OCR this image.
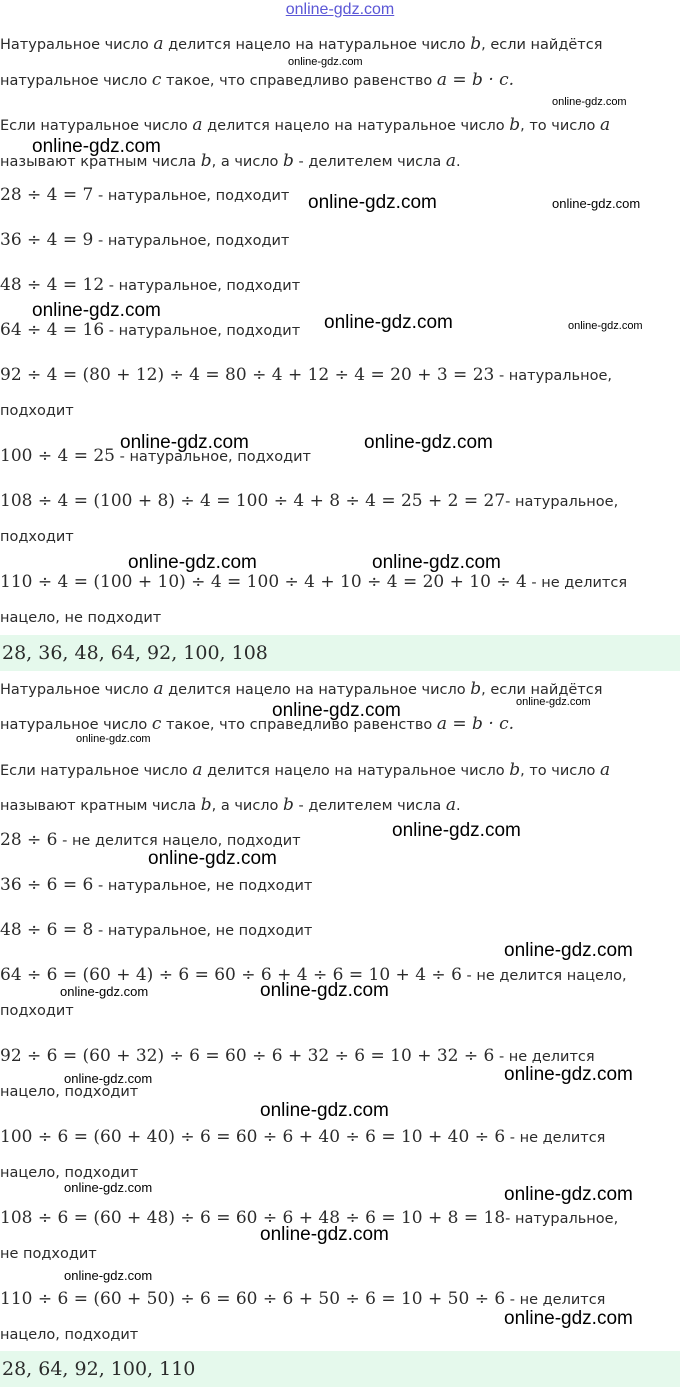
online-gdz.com
Натуральное число a делится нацело на натуральное число b, если найдётся
натуральное число c такое, что справедливо равенство a = b · c.
Если натуральное число a делится нацело на натуральное число b, то число a
называют кратным числа b, а число b - делителем числа a.
28 ÷ 4 = 7 - натуральное, подходит
36 ÷ 4 = 9 - натуральное, подходит
48 ÷ 4 = 12 - натуральное, подходит
64 ÷ 4 = 16 - натуральное, подходит
92 ÷ 4 = (80 + 12) ÷ 4 = 80 ÷ 4 + 12 ÷ 4 = 20 + 3 = 23 - натуральное,
подходит
100 ÷ 4 = 25 - натуральное, подходит
108 ÷ 4 = (100 + 8) ÷ 4 = 100 ÷ 4 + 8 ÷ 4 = 25 + 2 = 27- натуральное,
подходит
110 ÷ 4 = (100 + 10) ÷ 4 = 100 ÷ 4 + 10 ÷ 4 = 20 + 10 ÷ 4 - не делится
нацело, не подходит
28, 36, 48, 64, 92, 100, 108
Натуральное число a делится нацело на натуральное число b, если найдётся
натуральное число c такое, что справедливо равенство a = b · c.
Если натуральное число a делится нацело на натуральное число b, то число a
называют кратным числа b, а число b - делителем числа a.
28 ÷ 6 - не делится нацело, подходит
36 ÷ 6 = 6 - натуральное, не подходит
48 ÷ 6 = 8 - натуральное, не подходит
64 ÷ 6 = (60 + 4) ÷ 6 = 60 ÷ 6 + 4 ÷ 6 = 10 + 4 ÷ 6 - не делится нацело,
подходит
92 ÷ 6 = (60 + 32) ÷ 6 = 60 ÷ 6 + 32 ÷ 6 = 10 + 32 ÷ 6 - не делится
нацело, подходит
100 ÷ 6 = (60 + 40) ÷ 6 = 60 ÷ 6 + 40 ÷ 6 = 10 + 40 ÷ 6 - не делится
нацело, подходит
108 ÷ 6 = (60 + 48) ÷ 6 = 60 ÷ 6 + 48 ÷ 6 = 10 + 8 = 18- натуральное,
не подходит
110 ÷ 6 = (60 + 50) ÷ 6 = 60 ÷ 6 + 50 ÷ 6 = 10 + 50 ÷ 6 - не делится
нацело, подходит
28, 64, 92, 100, 110
online-gdz.com
online-gdz.com
online-gdz.com
online-gdz.com	online-gdz.com
online-gdz.com
online-gdz.com	online-gdz.com
online-gdz.com	online-gdz.com
online-gdz.com	online-gdz.com
online-gdz.com
online-gdz.com
online-gdz.com
online-gdz.com
online-gdz.com
online-gdz.com
online-gdz.com
online-gdz.com
online-gdz.com
online-gdz.com
online-gdz.com
online-gdz.com	online-gdz.com
online-gdz.com
online-gdz.com
online-gdz.com
